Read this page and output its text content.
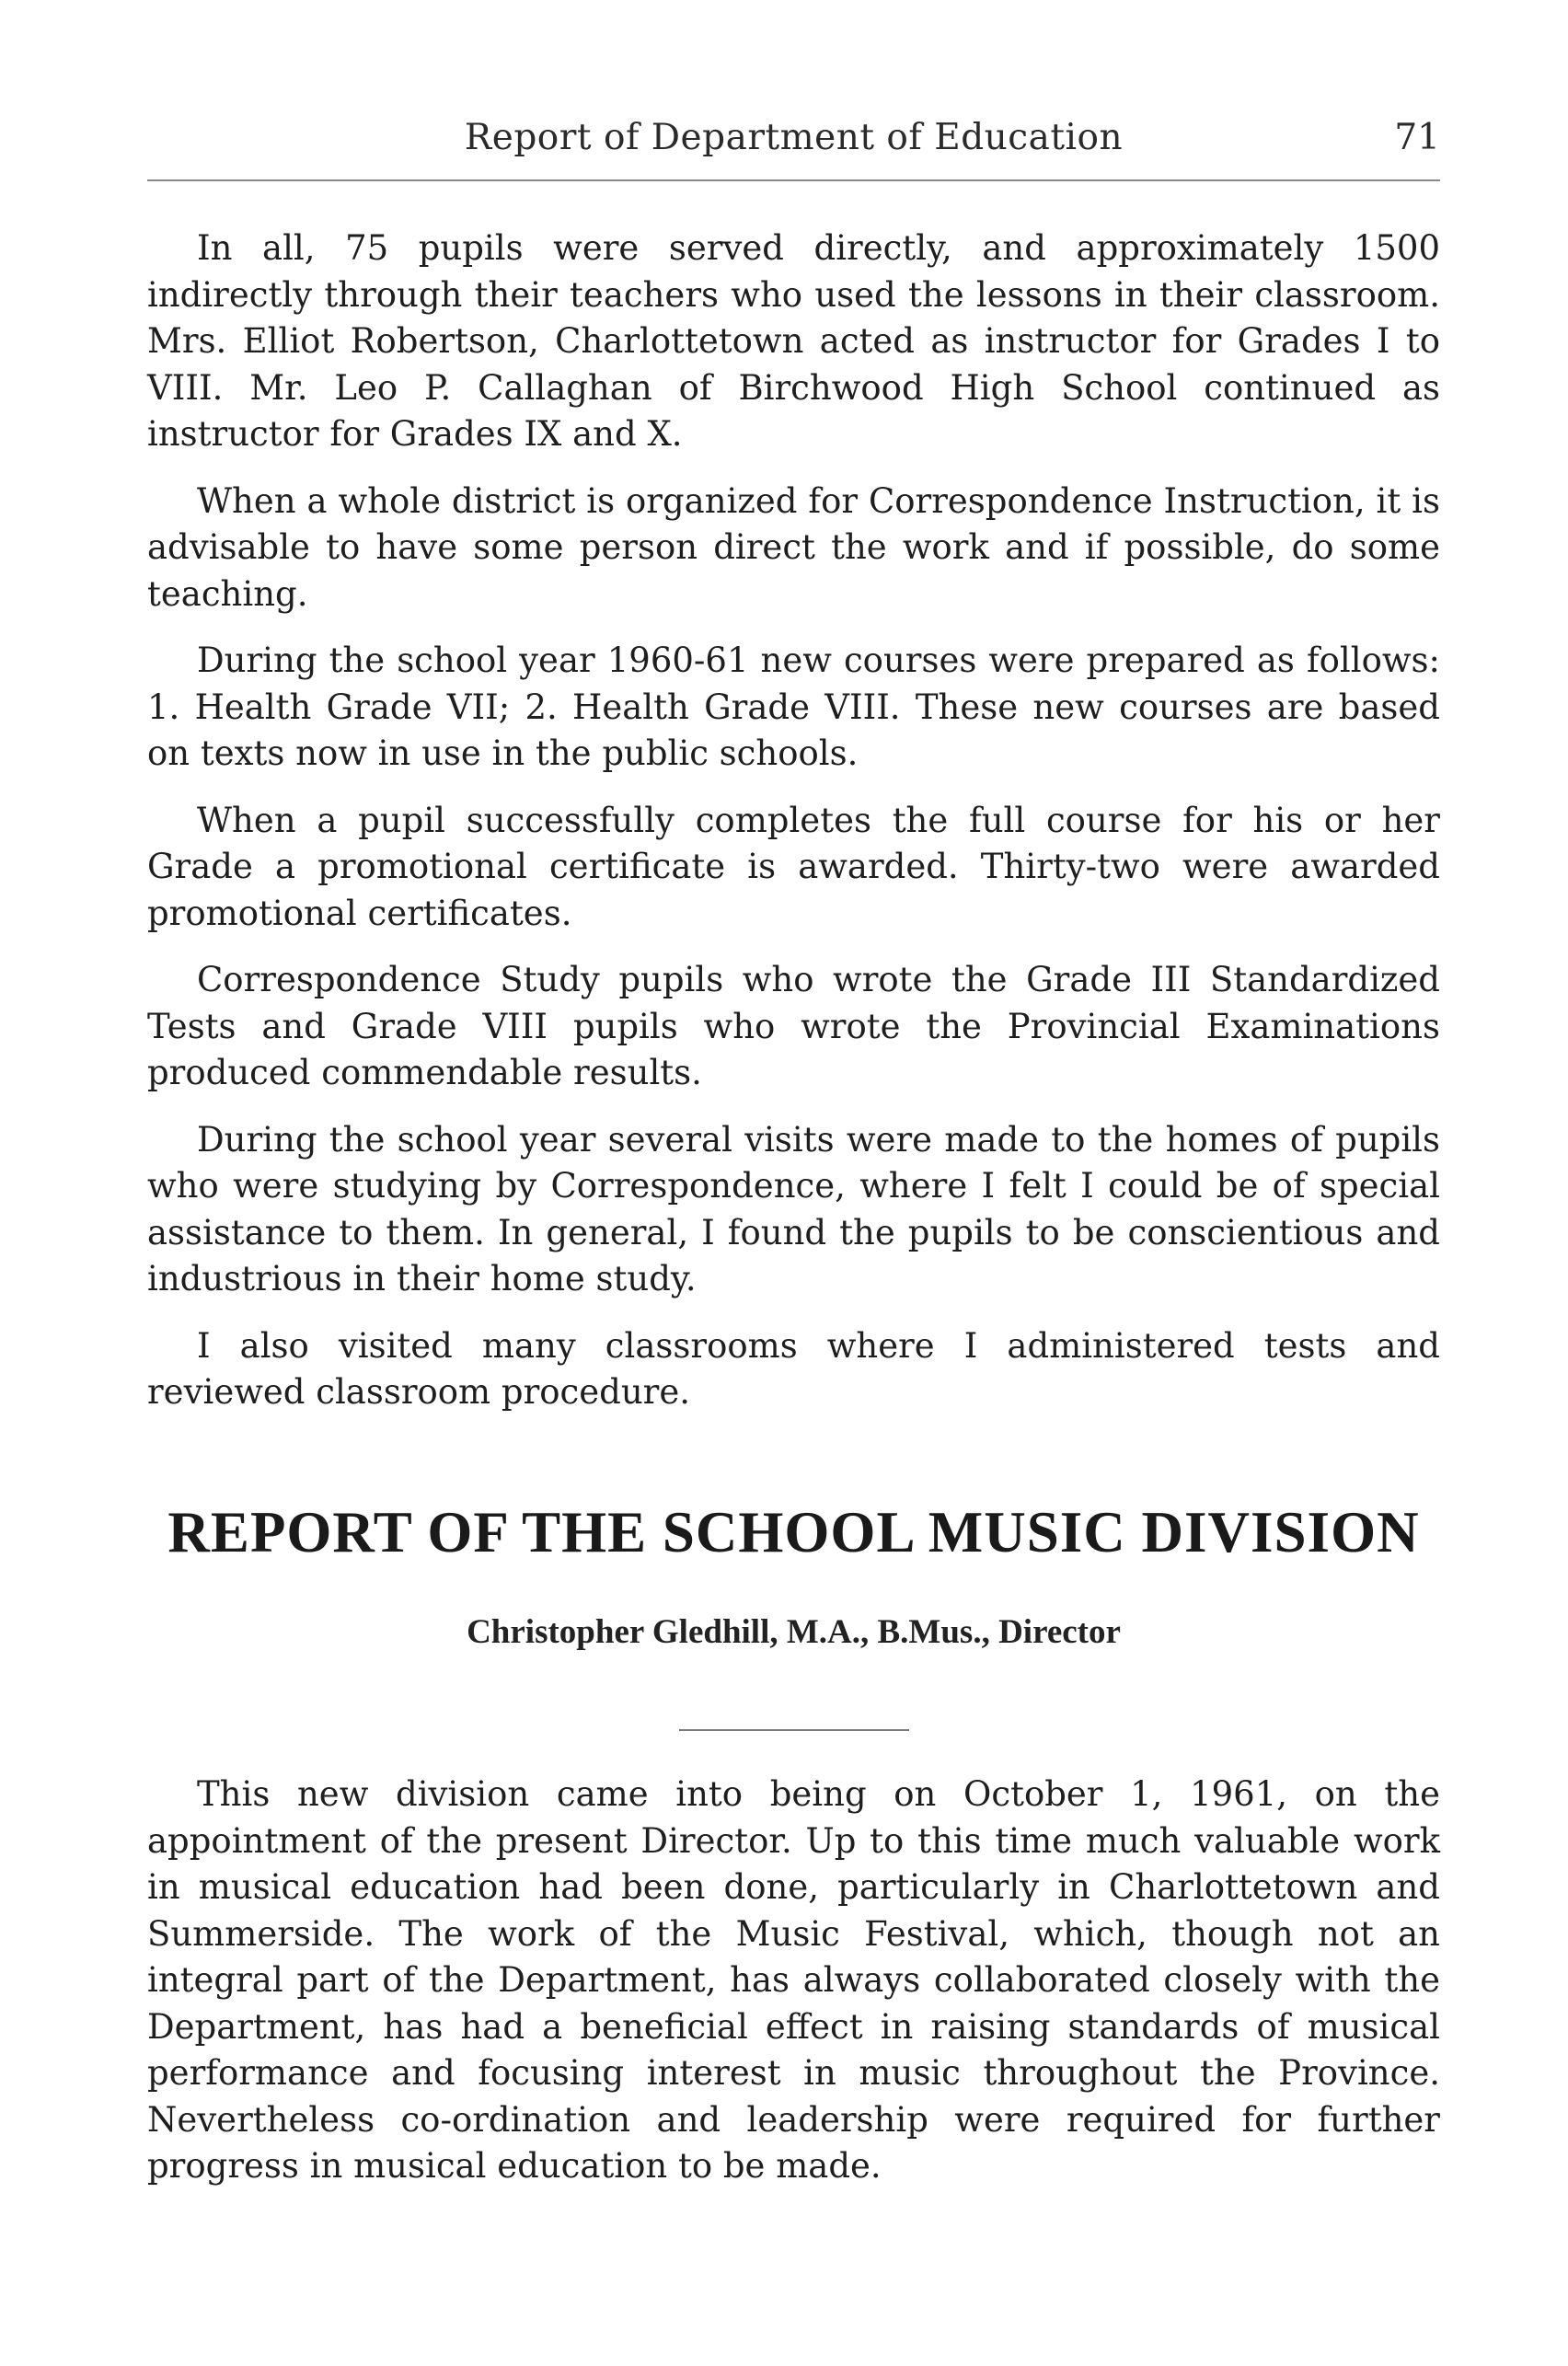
Report of Department of Education	71

In all, 75 pupils were served directly, and approximately 1500 indirectly through their teachers who used the lessons in their classroom. Mrs. Elliot Robertson, Charlottetown acted as instructor for Grades I to VIII. Mr. Leo P. Callaghan of Birchwood High School continued as instructor for Grades IX and X.

When a whole district is organized for Correspondence Instruction, it is advisable to have some person direct the work and if possible, do some teaching.

During the school year 1960-61 new courses were prepared as follows: 1. Health Grade VII; 2. Health Grade VIII. These new courses are based on texts now in use in the public schools.

When a pupil successfully completes the full course for his or her Grade a promotional certificate is awarded. Thirty-two were awarded promotional certificates.

Correspondence Study pupils who wrote the Grade III Standardized Tests and Grade VIII pupils who wrote the Provincial Examinations produced commendable results.

During the school year several visits were made to the homes of pupils who were studying by Correspondence, where I felt I could be of special assistance to them. In general, I found the pupils to be conscientious and industrious in their home study.

I also visited many classrooms where I administered tests and reviewed classroom procedure.

REPORT OF THE SCHOOL MUSIC DIVISION
Christopher Gledhill, M.A., B.Mus., Director

This new division came into being on October 1, 1961, on the appointment of the present Director. Up to this time much valuable work in musical education had been done, particularly in Charlottetown and Summerside. The work of the Music Festival, which, though not an integral part of the Department, has always collaborated closely with the Department, has had a beneficial effect in raising standards of musical performance and focusing interest in music throughout the Province. Nevertheless co-ordination and leadership were required for further progress in musical education to be made.
